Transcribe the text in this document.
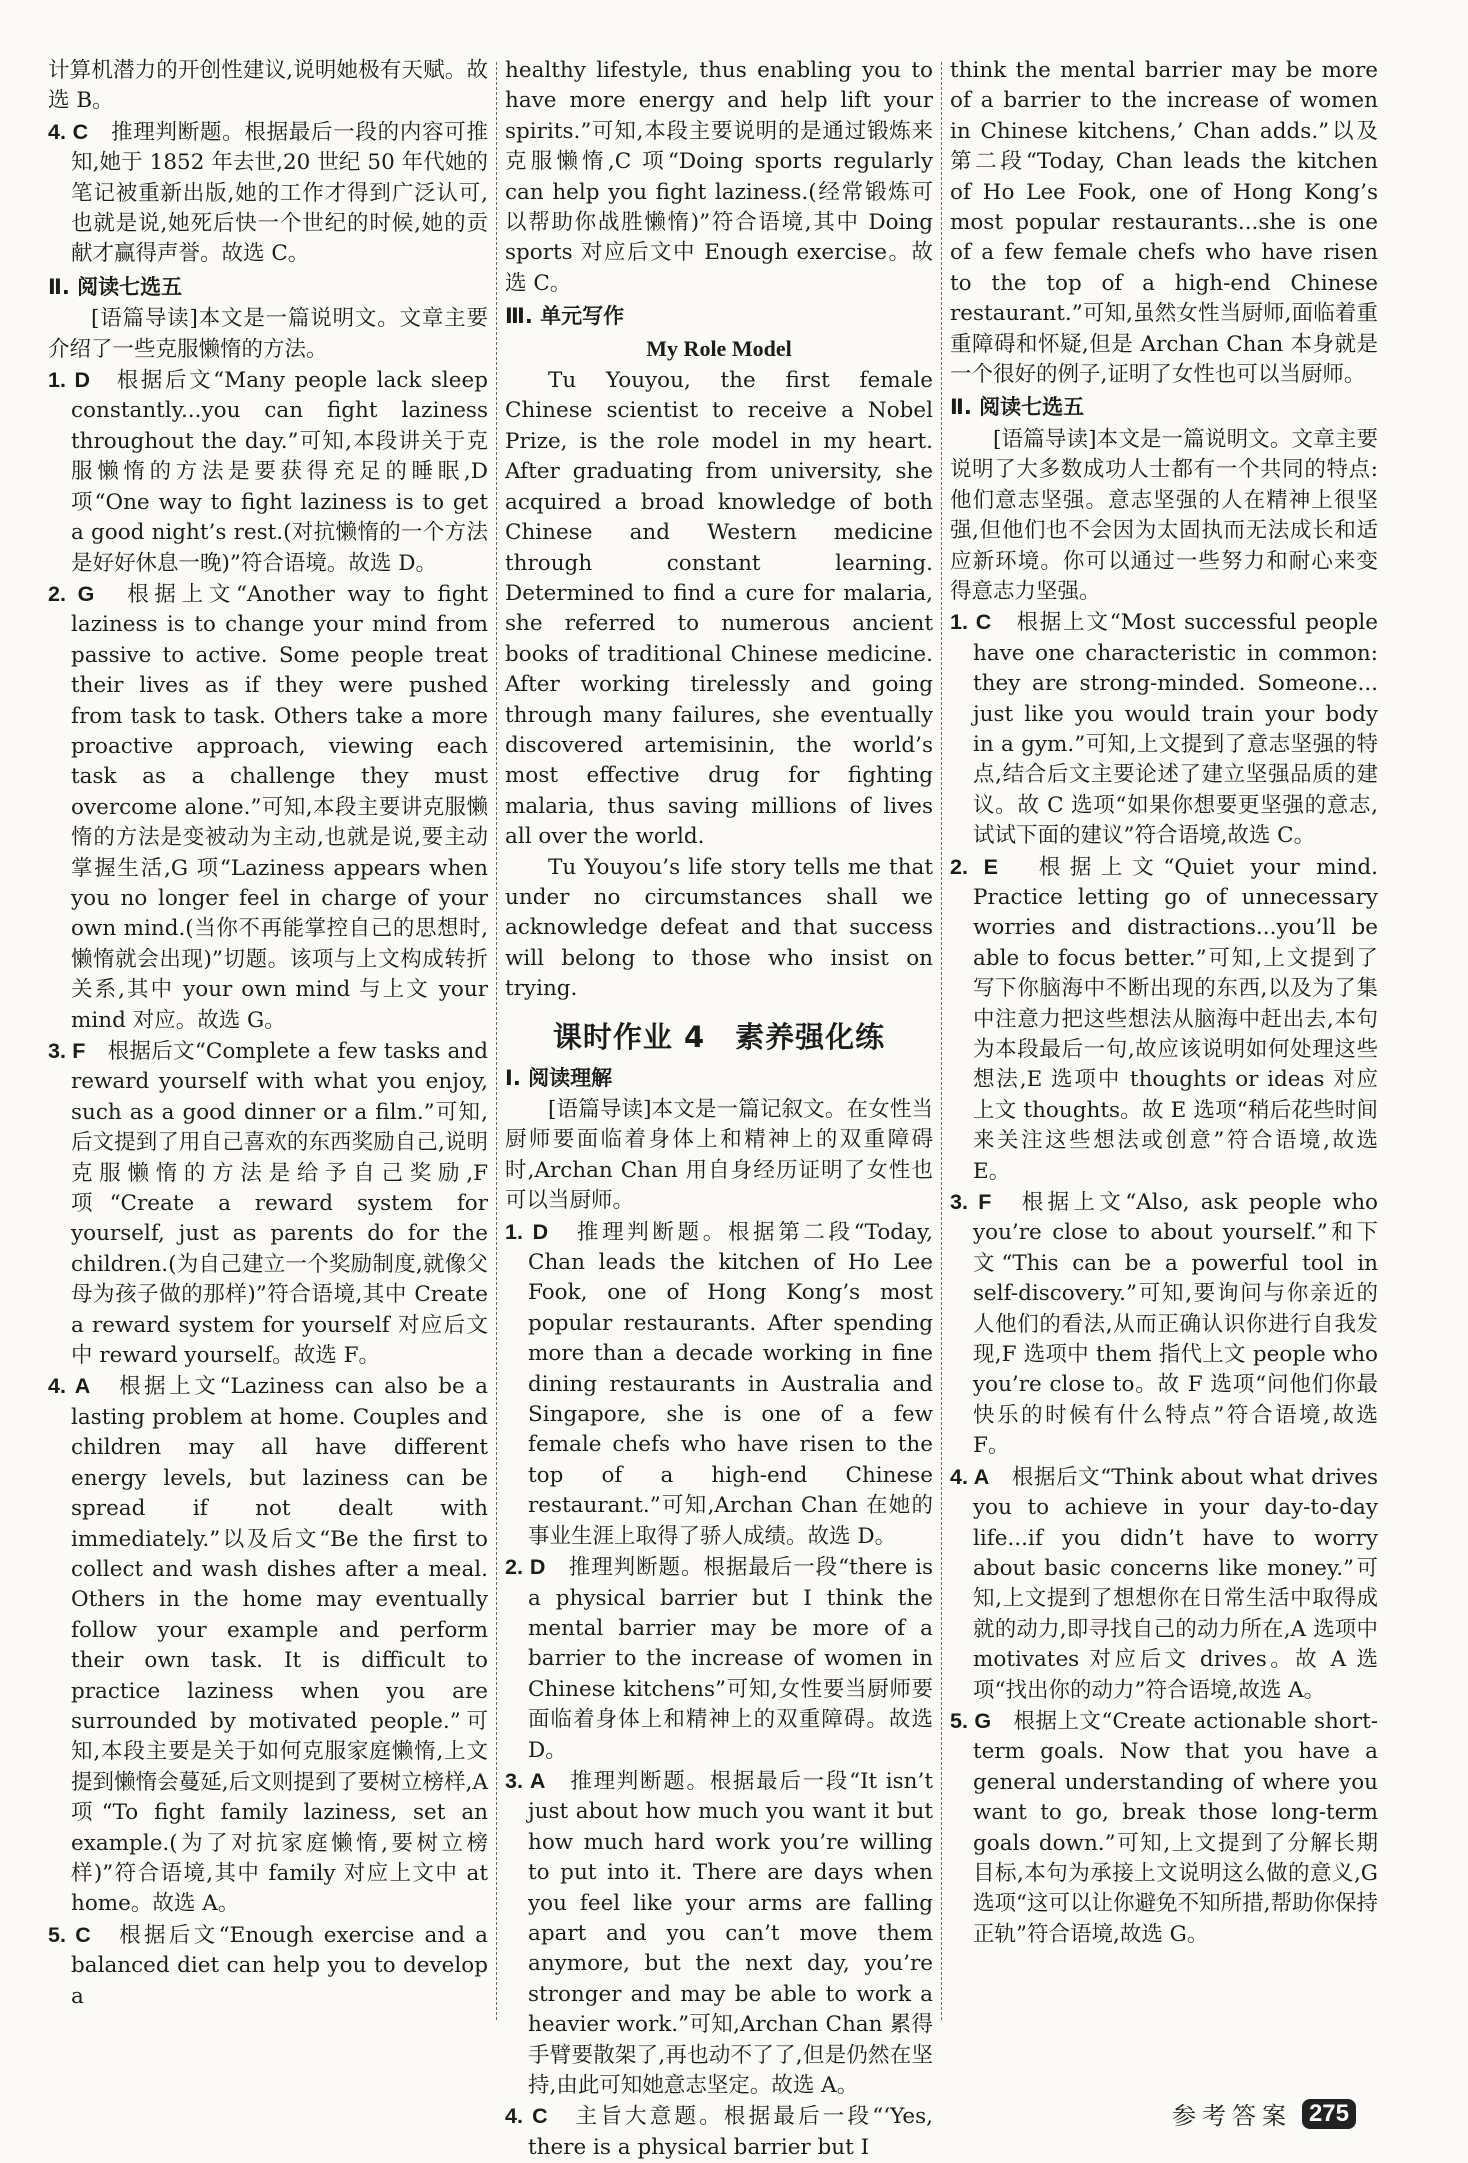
计算机潜力的开创性建议,说明她极有天赋。故选 B。

4. C　 推理判断题。根据最后一段的内容可推知,她于 1852 年去世,20 世纪 50 年代她的笔记被重新出版,她的工作才得到广泛认可,也就是说,她死后快一个世纪的时候,她的贡献才赢得声誉。故选 C。

Ⅱ. 阅读七选五

[语篇导读]本文是一篇说明文。文章主要介绍了一些克服懒惰的方法。

1. D　 根据后文“Many people lack sleep constantly...you can fight laziness throughout the day.”可知,本段讲关于克服懒惰的方法是要获得充足的睡眠,D 项“One way to fight laziness is to get a good night’s rest.(对抗懒惰的一个方法是好好休息一晚)”符合语境。故选 D。

2. G　 根据上文“Another way to fight laziness is to change your mind from passive to active. Some people treat their lives as if they were pushed from task to task. Others take a more proactive approach, viewing each task as a challenge they must overcome alone.”可知,本段主要讲克服懒惰的方法是变被动为主动,也就是说,要主动掌握生活,G 项“Laziness appears when you no longer feel in charge of your own mind.(当你不再能掌控自己的思想时,懒惰就会出现)”切题。该项与上文构成转折关系,其中 your own mind 与上文 your mind 对应。故选 G。

3. F　 根据后文“Complete a few tasks and reward yourself with what you enjoy, such as a good dinner or a film.”可知,后文提到了用自己喜欢的东西奖励自己,说明克服懒惰的方法是给予自己奖励,F 项“Create a reward system for yourself, just as parents do for the children.(为自己建立一个奖励制度,就像父母为孩子做的那样)”符合语境,其中 Create a reward system for yourself 对应后文中 reward yourself。故选 F。

4. A　 根据上文“Laziness can also be a lasting problem at home. Couples and children may all have different energy levels, but laziness can be spread if not dealt with immediately.”以及后文“Be the first to collect and wash dishes after a meal. Others in the home may eventually follow your example and perform their own task. It is difficult to practice laziness when you are surrounded by motivated people.”可知,本段主要是关于如何克服家庭懒惰,上文提到懒惰会蔓延,后文则提到了要树立榜样,A 项“To fight family laziness, set an example.(为了对抗家庭懒惰,要树立榜样)”符合语境,其中 family 对应上文中 at home。故选 A。

5. C　 根据后文“Enough exercise and a balanced diet can help you to develop a

healthy lifestyle, thus enabling you to have more energy and help lift your spirits.”可知,本段主要说明的是通过锻炼来克服懒惰,C 项“Doing sports regularly can help you fight laziness.(经常锻炼可以帮助你战胜懒惰)”符合语境,其中 Doing sports 对应后文中 Enough exercise。故选 C。

Ⅲ. 单元写作

My Role Model

Tu Youyou, the first female Chinese scientist to receive a Nobel Prize, is the role model in my heart. After graduating from university, she acquired a broad knowledge of both Chinese and Western medicine through constant learning. Determined to find a cure for malaria, she referred to numerous ancient books of traditional Chinese medicine. After working tirelessly and going through many failures, she eventually discovered artemisinin, the world’s most effective drug for fighting malaria, thus saving millions of lives all over the world.

Tu Youyou’s life story tells me that under no circumstances shall we acknowledge defeat and that success will belong to those who insist on trying.

课时作业 4　素养强化练

Ⅰ. 阅读理解

[语篇导读]本文是一篇记叙文。在女性当厨师要面临着身体上和精神上的双重障碍时,Archan Chan 用自身经历证明了女性也可以当厨师。

1. D　 推理判断题。根据第二段“Today, Chan leads the kitchen of Ho Lee Fook, one of Hong Kong’s most popular restaurants. After spending more than a decade working in fine dining restaurants in Australia and Singapore, she is one of a few female chefs who have risen to the top of a high-end Chinese restaurant.”可知,Archan Chan 在她的事业生涯上取得了骄人成绩。故选 D。

2. D　 推理判断题。根据最后一段“there is a physical barrier but I think the mental barrier may be more of a barrier to the increase of women in Chinese kitchens”可知,女性要当厨师要面临着身体上和精神上的双重障碍。故选 D。

3. A　 推理判断题。根据最后一段“It isn’t just about how much you want it but how much hard work you’re willing to put into it. There are days when you feel like your arms are falling apart and you can’t move them anymore, but the next day, you’re stronger and may be able to work a heavier work.”可知,Archan Chan 累得手臂要散架了,再也动不了了,但是仍然在坚持,由此可知她意志坚定。故选 A。

4. C　 主旨大意题。根据最后一段“‘Yes, there is a physical barrier but I

think the mental barrier may be more of a barrier to the increase of women in Chinese kitchens,’ Chan adds.”以及第二段“Today, Chan leads the kitchen of Ho Lee Fook, one of Hong Kong’s most popular restaurants...she is one of a few female chefs who have risen to the top of a high-end Chinese restaurant.”可知,虽然女性当厨师,面临着重重障碍和怀疑,但是 Archan Chan 本身就是一个很好的例子,证明了女性也可以当厨师。

Ⅱ. 阅读七选五

[语篇导读]本文是一篇说明文。文章主要说明了大多数成功人士都有一个共同的特点:他们意志坚强。意志坚强的人在精神上很坚强,但他们也不会因为太固执而无法成长和适应新环境。你可以通过一些努力和耐心来变得意志力坚强。

1. C　 根据上文“Most successful people have one characteristic in common: they are strong-minded. Someone... just like you would train your body in a gym.”可知,上文提到了意志坚强的特点,结合后文主要论述了建立坚强品质的建议。故 C 选项“如果你想要更坚强的意志,试试下面的建议”符合语境,故选 C。

2. E　 根据上文“Quiet your mind. Practice letting go of unnecessary worries and distractions...you’ll be able to focus better.”可知,上文提到了写下你脑海中不断出现的东西,以及为了集中注意力把这些想法从脑海中赶出去,本句为本段最后一句,故应该说明如何处理这些想法,E 选项中 thoughts or ideas 对应上文 thoughts。故 E 选项“稍后花些时间来关注这些想法或创意”符合语境,故选 E。

3. F　 根据上文“Also, ask people who you’re close to about yourself.”和下文“This can be a powerful tool in self-discovery.”可知,要询问与你亲近的人他们的看法,从而正确认识你进行自我发现,F 选项中 them 指代上文 people who you’re close to。故 F 选项“问他们你最快乐的时候有什么特点”符合语境,故选 F。

4. A　 根据后文“Think about what drives you to achieve in your day-to-day life...if you didn’t have to worry about basic concerns like money.”可知,上文提到了想想你在日常生活中取得成就的动力,即寻找自己的动力所在,A 选项中 motivates 对应后文 drives。故 A 选项“找出你的动力”符合语境,故选 A。

5. G　 根据上文“Create actionable short-term goals. Now that you have a general understanding of where you want to go, break those long-term goals down.”可知,上文提到了分解长期目标,本句为承接上文说明这么做的意义,G 选项“这可以让你避免不知所措,帮助你保持正轨”符合语境,故选 G。

参考答案 275
